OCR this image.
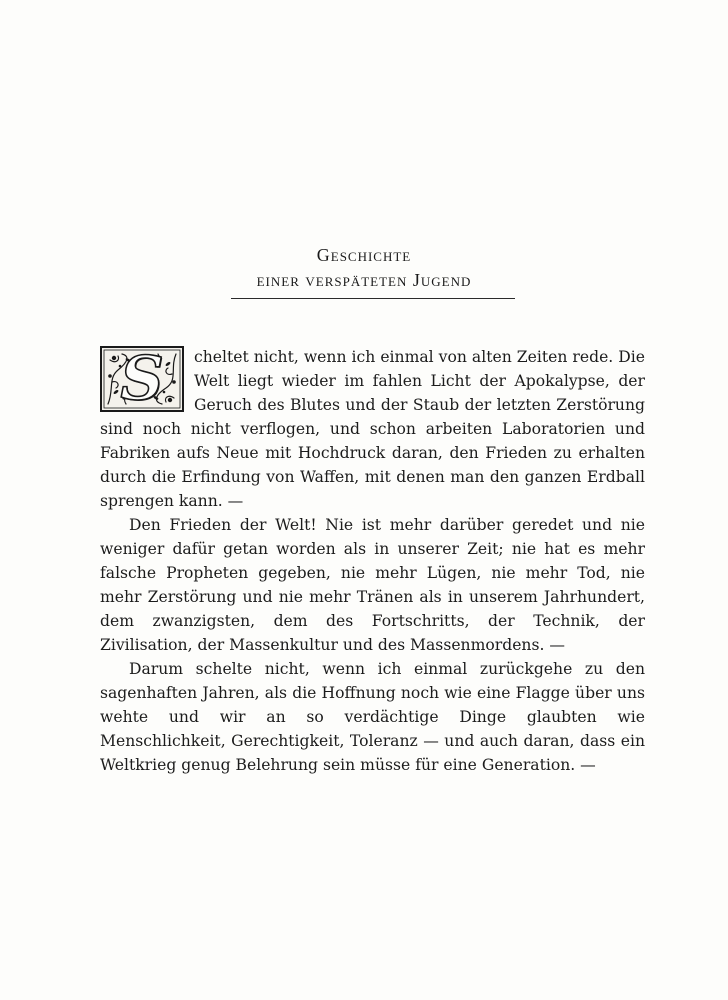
Geschichte
einer verspäteten Jugend

S	cheltet nicht, wenn ich einmal von alten Zeiten rede. Die Welt liegt wieder im fahlen Licht der Apokalypse, der Geruch des Blutes und der Staub der letzten Zerstörung sind noch nicht verflogen, und schon arbeiten Laboratorien und Fabriken aufs Neue mit Hochdruck daran, den Frieden zu erhalten durch die Erfindung von Waffen, mit denen man den ganzen Erdball sprengen kann. —

Den Frieden der Welt! Nie ist mehr darüber geredet und nie weniger dafür getan worden als in unserer Zeit; nie hat es mehr falsche Propheten gegeben, nie mehr Lügen, nie mehr Tod, nie mehr Zerstörung und nie mehr Tränen als in unserem Jahrhundert, dem zwanzigsten, dem des Fortschritts, der Technik, der Zivilisation, der Massenkultur und des Massenmordens. —

Darum schelte nicht, wenn ich einmal zurückgehe zu den sagenhaften Jahren, als die Hoffnung noch wie eine Flagge über uns wehte und wir an so verdächtige Dinge glaubten wie Menschlichkeit, Gerechtigkeit, Toleranz — und auch daran, dass ein Weltkrieg genug Belehrung sein müsse für eine Generation. —
